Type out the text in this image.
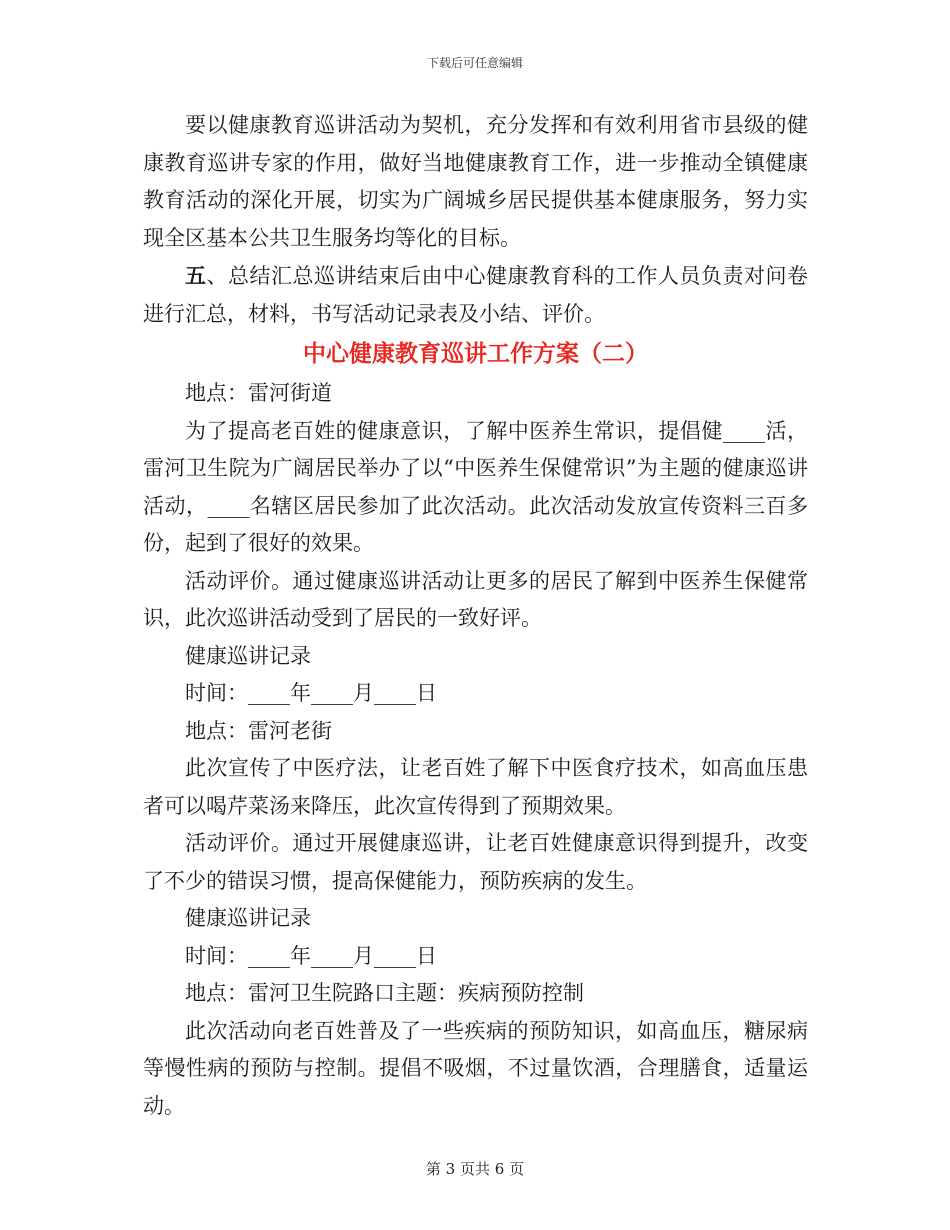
下载后可任意编辑

要以健康教育巡讲活动为契机，充分发挥和有效利用省市县级的健康教育巡讲专家的作用，做好当地健康教育工作，进一步推动全镇健康教育活动的深化开展，切实为广阔城乡居民提供基本健康服务，努力实现全区基本公共卫生服务均等化的目标。

五、总结汇总巡讲结束后由中心健康教育科的工作人员负责对问卷进行汇总，材料，书写活动记录表及小结、评价。

中心健康教育巡讲工作方案（二）

地点：雷河街道

为了提高老百姓的健康意识，了解中医养生常识，提倡健____活，雷河卫生院为广阔居民举办了以“中医养生保健常识”为主题的健康巡讲活动，____名辖区居民参加了此次活动。此次活动发放宣传资料三百多份，起到了很好的效果。

活动评价。通过健康巡讲活动让更多的居民了解到中医养生保健常识，此次巡讲活动受到了居民的一致好评。

健康巡讲记录

时间：____年____月____日

地点：雷河老街

此次宣传了中医疗法，让老百姓了解下中医食疗技术，如高血压患者可以喝芹菜汤来降压，此次宣传得到了预期效果。

活动评价。通过开展健康巡讲，让老百姓健康意识得到提升，改变了不少的错误习惯，提高保健能力，预防疾病的发生。

健康巡讲记录

时间：____年____月____日

地点：雷河卫生院路口主题：疾病预防控制

此次活动向老百姓普及了一些疾病的预防知识，如高血压，糖尿病等慢性病的预防与控制。提倡不吸烟，不过量饮酒，合理膳食，适量运动。

第 3 页共 6 页
